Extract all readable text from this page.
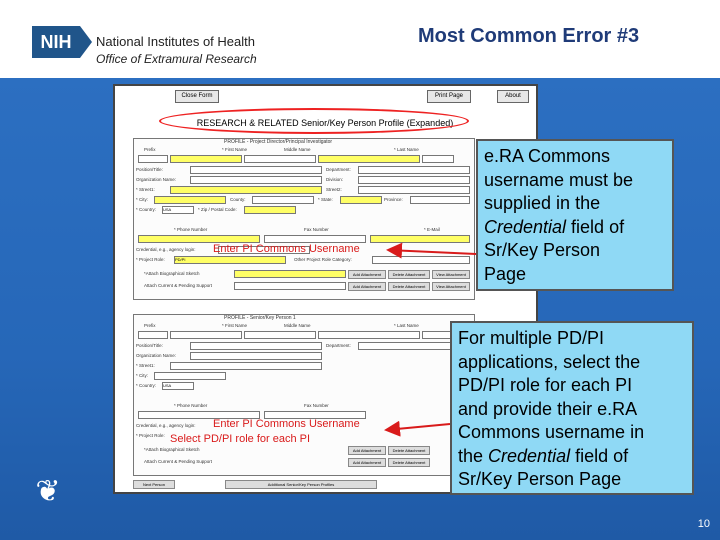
NIH	National Institutes of Health
Office of Extramural Research
Most Common Error #3
❦
10
Close Form	Print Page	About
RESEARCH & RELATED Senior/Key Person Profile (Expanded)
PROFILE - Project Director/Principal Investigator
Prefix	* First Name	Middle Name	* Last Name
Position/Title:	Department:
Organization Name:	Division:
* Street1:	Street2:
* City:	County:	* State:	Province:
* Country: USA	* Zip / Postal Code:
* Phone Number	Fax Number	* E-Mail
Credential, e.g., agency login:
* Project Role:	PD/PI	Other Project Role Category:
*Attach Biographical Sketch	Add Attachment	Delete Attachment	View Attachment
Attach Current & Pending Support	Add Attachment	Delete Attachment	View Attachment
PROFILE - Senior/Key Person 1
Prefix	* First Name	Middle Name	* Last Name
Position/Title:	Department:
Organization Name:
* Street1:
* City:
* Country: USA
* Phone Number	Fax Number
Credential, e.g., agency login:
* Project Role:
*Attach Biographical Sketch	Add Attachment	Delete Attachment
Attach Current & Pending Support	Add Attachment	Delete Attachment
Next Person	Additional Senior/Key Person Profiles
Enter PI Commons Username
Enter PI Commons Username
Select PD/PI role for each PI
e.RA Commons
username must be
supplied in the
Credential field of
Sr/Key Person
Page
For multiple PD/PI
applications, select the
PD/PI role for each PI
and provide their e.RA
Commons username in
the Credential field of
Sr/Key Person Page
